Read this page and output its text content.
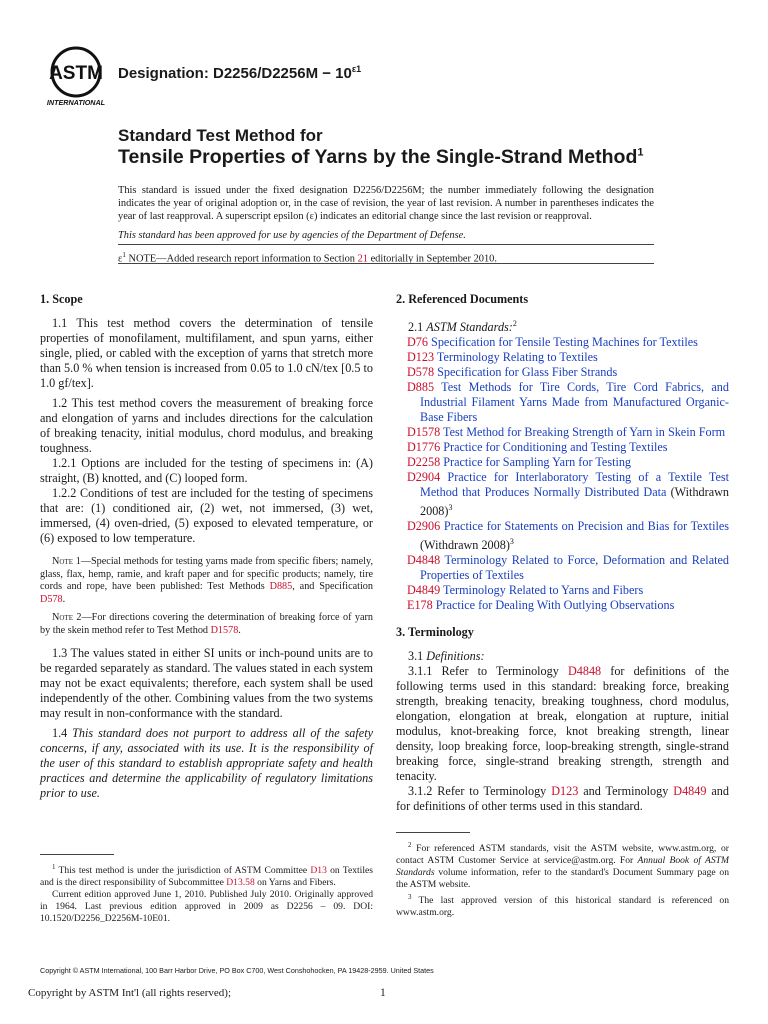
ASTM
INTERNATIONAL
Designation: $D2256/D2256M - 10^{\varepsilon 1}$
Standard Test Method for
Tensile Properties of Yarns by the Single-Strand Method$^1$
This standard is issued under the fixed designation D2256/D2256M; the number immediately following the designation indicates the year of original adoption or, in the case of revision, the year of last revision. A number in parentheses indicates the year of last reapproval. A superscript epsilon (ε) indicates an editorial change since the last revision or reapproval.
This standard has been approved for use by agencies of the Department of Defense.
$\varepsilon^1$ NOTE—Added research report information to Section 21 editorially in September 2010.
1. Scope

1.1 This test method covers the determination of tensile properties of monofilament, multifilament, and spun yarns, either single, plied, or cabled with the exception of yarns that stretch more than 5.0 % when tension is increased from 0.05 to 1.0 cN/tex [0.5 to 1.0 gf/tex].

1.2 This test method covers the measurement of breaking force and elongation of yarns and includes directions for the calculation of breaking tenacity, initial modulus, chord modulus, and breaking toughness.

1.2.1 Options are included for the testing of specimens in: (A) straight, (B) knotted, and (C) looped form.

1.2.2 Conditions of test are included for the testing of specimens that are: (1) conditioned air, (2) wet, not immersed, (3) wet, immersed, (4) oven-dried, (5) exposed to elevated temperature, or (6) exposed to low temperature.

Note 1—Special methods for testing yarns made from specific fibers; namely, glass, flax, hemp, ramie, and kraft paper and for specific products; namely, tire cords and rope, have been published: Test Methods D885, and Specification D578.

Note 2—For directions covering the determination of breaking force of yarn by the skein method refer to Test Method D1578.

1.3 The values stated in either SI units or inch-pound units are to be regarded separately as standard. The values stated in each system may not be exact equivalents; therefore, each system shall be used independently of the other. Combining values from the two systems may result in non-conformance with the standard.

1.4 This standard does not purport to address all of the safety concerns, if any, associated with its use. It is the responsibility of the user of this standard to establish appropriate safety and health practices and determine the applicability of regulatory limitations prior to use.

2. Referenced Documents

2.1 ASTM Standards:$^2$

D76 Specification for Tensile Testing Machines for Textiles

D123 Terminology Relating to Textiles

D578 Specification for Glass Fiber Strands

D885 Test Methods for Tire Cords, Tire Cord Fabrics, and Industrial Filament Yarns Made from Manufactured Organic-Base Fibers

D1578 Test Method for Breaking Strength of Yarn in Skein Form

D1776 Practice for Conditioning and Testing Textiles

D2258 Practice for Sampling Yarn for Testing

D2904 Practice for Interlaboratory Testing of a Textile Test Method that Produces Normally Distributed Data (Withdrawn 2008)$^3$

D2906 Practice for Statements on Precision and Bias for Textiles (Withdrawn 2008)$^3$

D4848 Terminology Related to Force, Deformation and Related Properties of Textiles

D4849 Terminology Related to Yarns and Fibers

E178 Practice for Dealing With Outlying Observations

3. Terminology

3.1 Definitions:

3.1.1 Refer to Terminology D4848 for definitions of the following terms used in this standard: breaking force, breaking strength, breaking tenacity, breaking toughness, chord modulus, elongation, elongation at break, elongation at rupture, initial modulus, knot-breaking force, knot breaking strength, linear density, loop breaking force, loop-breaking strength, single-strand breaking force, single-strand breaking strength, strength and tenacity.

3.1.2 Refer to Terminology D123 and Terminology D4849 and for definitions of other terms used in this standard.

$^1$ This test method is under the jurisdiction of ASTM Committee D13 on Textiles and is the direct responsibility of Subcommittee D13.58 on Yarns and Fibers.

Current edition approved June 1, 2010. Published July 2010. Originally approved in 1964. Last previous edition approved in 2009 as D2256 – 09. DOI: 10.1520/D2256_D2256M-10E01.

$^2$ For referenced ASTM standards, visit the ASTM website, www.astm.org, or contact ASTM Customer Service at service@astm.org. For Annual Book of ASTM Standards volume information, refer to the standard's Document Summary page on the ASTM website.

$^3$ The last approved version of this historical standard is referenced on www.astm.org.

Copyright © ASTM International, 100 Barr Harbor Drive, PO Box C700, West Conshohocken, PA 19428-2959. United States
Copyright by ASTM Int'l (all rights reserved);	1
